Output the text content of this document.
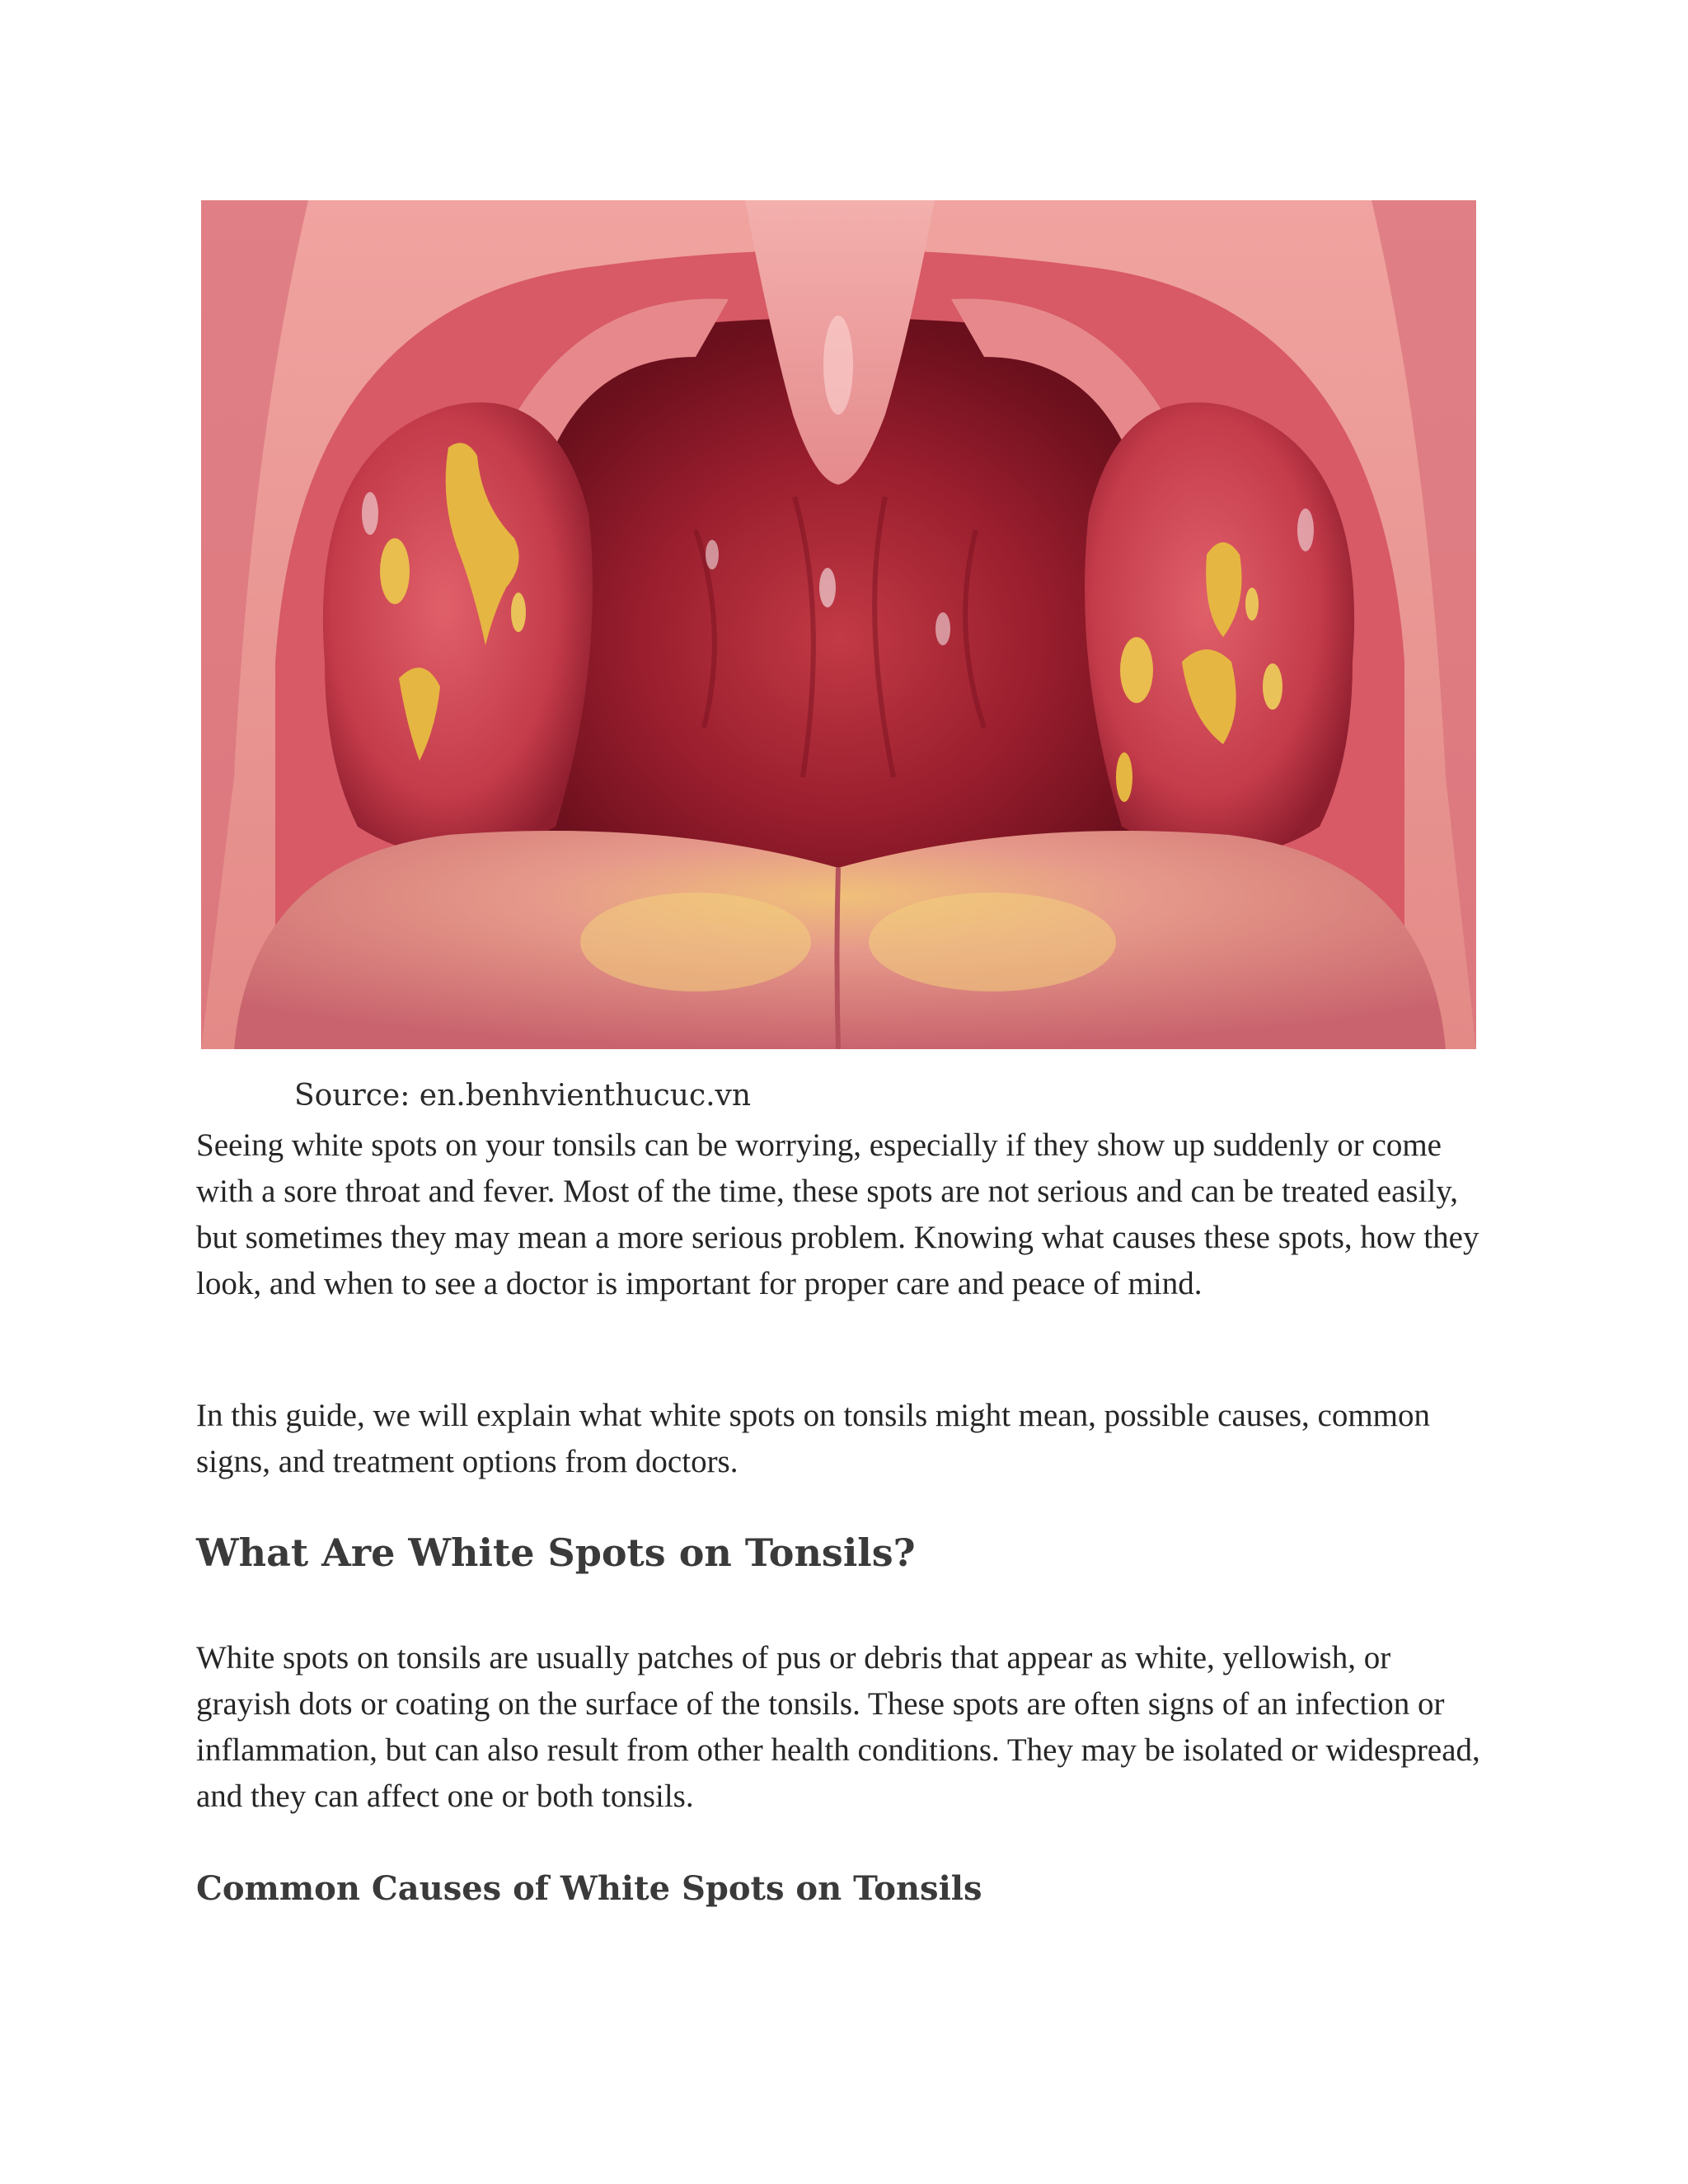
Source: en.benhvienthucuc.vn

Seeing white spots on your tonsils can be worrying, especially if they show up suddenly or come with a sore throat and fever. Most of the time, these spots are not serious and can be treated easily, but sometimes they may mean a more serious problem. Knowing what causes these spots, how they look, and when to see a doctor is important for proper care and peace of mind.

In this guide, we will explain what white spots on tonsils might mean, possible causes, common signs, and treatment options from doctors.

What Are White Spots on Tonsils?

White spots on tonsils are usually patches of pus or debris that appear as white, yellowish, or grayish dots or coating on the surface of the tonsils. These spots are often signs of an infection or inflammation, but can also result from other health conditions. They may be isolated or widespread, and they can affect one or both tonsils.

Common Causes of White Spots on Tonsils
